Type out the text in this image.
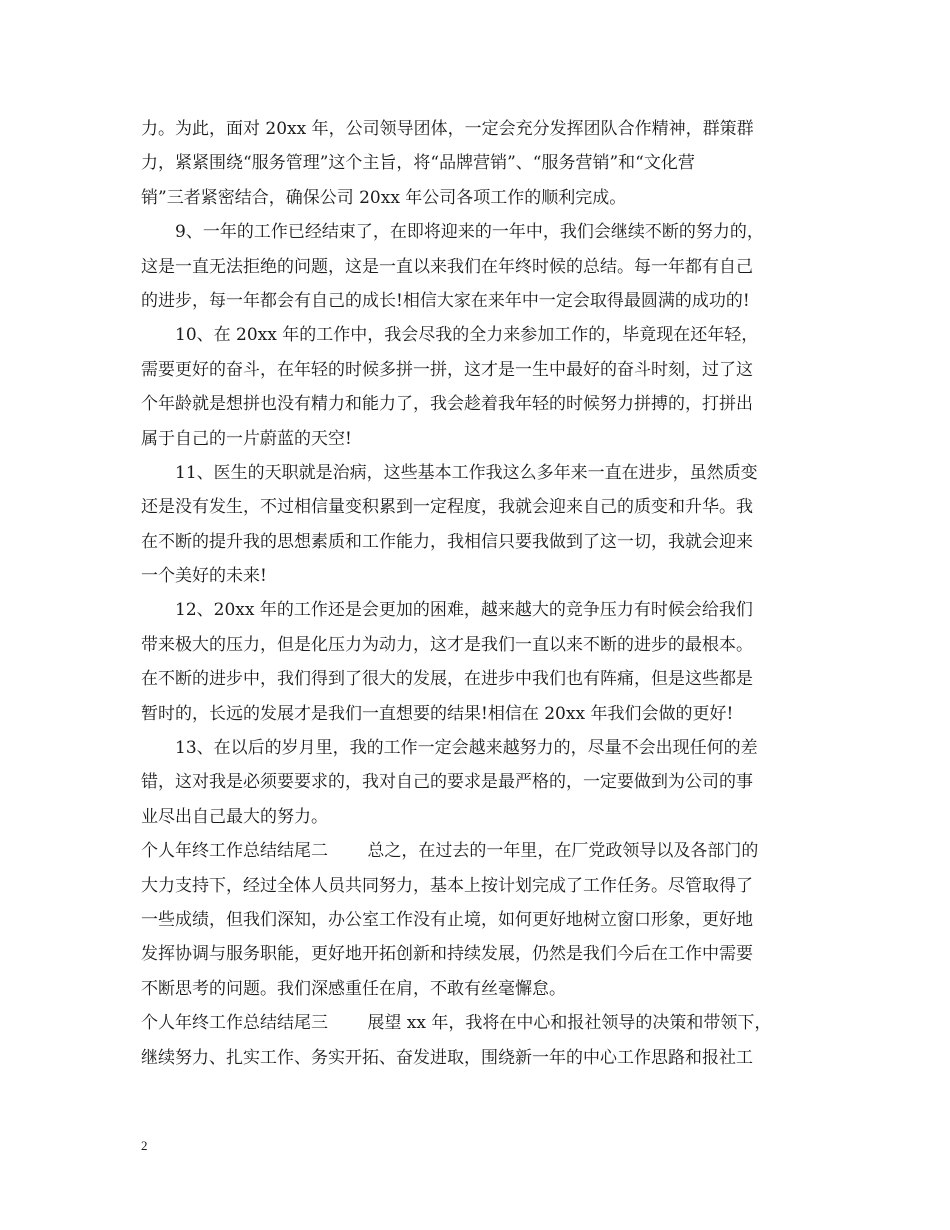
力。为此，面对 20xx 年，公司领导团体，一定会充分发挥团队合作精神，群策群
力，紧紧围绕“服务管理”这个主旨，将“品牌营销”、“服务营销”和“文化营
销”三者紧密结合，确保公司 20xx 年公司各项工作的顺利完成。
　　9、一年的工作已经结束了，在即将迎来的一年中，我们会继续不断的努力的，
这是一直无法拒绝的问题，这是一直以来我们在年终时候的总结。每一年都有自己
的进步，每一年都会有自己的成长!相信大家在来年中一定会取得最圆满的成功的!
　　10、在 20xx 年的工作中，我会尽我的全力来参加工作的，毕竟现在还年轻，
需要更好的奋斗，在年轻的时候多拼一拼，这才是一生中最好的奋斗时刻，过了这
个年龄就是想拼也没有精力和能力了，我会趁着我年轻的时候努力拼搏的，打拼出
属于自己的一片蔚蓝的天空!
　　11、医生的天职就是治病，这些基本工作我这么多年来一直在进步，虽然质变
还是没有发生，不过相信量变积累到一定程度，我就会迎来自己的质变和升华。我
在不断的提升我的思想素质和工作能力，我相信只要我做到了这一切，我就会迎来
一个美好的未来!
　　12、20xx 年的工作还是会更加的困难，越来越大的竞争压力有时候会给我们
带来极大的压力，但是化压力为动力，这才是我们一直以来不断的进步的最根本。
在不断的进步中，我们得到了很大的发展，在进步中我们也有阵痛，但是这些都是
暂时的，长远的发展才是我们一直想要的结果!相信在 20xx 年我们会做的更好!
　　13、在以后的岁月里，我的工作一定会越来越努力的，尽量不会出现任何的差
错，这对我是必须要要求的，我对自己的要求是最严格的，一定要做到为公司的事
业尽出自己最大的努力。
个人年终工作总结结尾二　　 总之，在过去的一年里，在厂党政领导以及各部门的
大力支持下，经过全体人员共同努力，基本上按计划完成了工作任务。尽管取得了
一些成绩，但我们深知，办公室工作没有止境，如何更好地树立窗口形象，更好地
发挥协调与服务职能，更好地开拓创新和持续发展，仍然是我们今后在工作中需要
不断思考的问题。我们深感重任在肩，不敢有丝毫懈怠。
个人年终工作总结结尾三　　 展望 xx 年，我将在中心和报社领导的决策和带领下，
继续努力、扎实工作、务实开拓、奋发进取，围绕新一年的中心工作思路和报社工
2
